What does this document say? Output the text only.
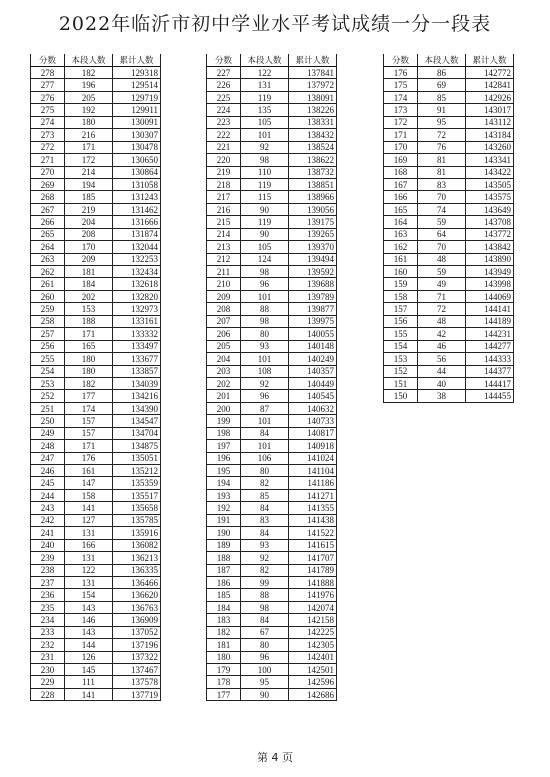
2022年临沂市初中学业水平考试成绩一分一段表
分数	本段人数	累计人数
278	182	129318
277	196	129514
276	205	129719
275	192	129911
274	180	130091
273	216	130307
272	171	130478
271	172	130650
270	214	130864
269	194	131058
268	185	131243
267	219	131462
266	204	131666
265	208	131874
264	170	132044
263	209	132253
262	181	132434
261	184	132618
260	202	132820
259	153	132973
258	188	133161
257	171	133332
256	165	133497
255	180	133677
254	180	133857
253	182	134039
252	177	134216
251	174	134390
250	157	134547
249	157	134704
248	171	134875
247	176	135051
246	161	135212
245	147	135359
244	158	135517
243	141	135658
242	127	135785
241	131	135916
240	166	136082
239	131	136213
238	122	136335
237	131	136466
236	154	136620
235	143	136763
234	146	136909
233	143	137052
232	144	137196
231	126	137322
230	145	137467
229	111	137578
228	141	137719
分数	本段人数	累计人数
227	122	137841
226	131	137972
225	119	138091
224	135	138226
223	105	138331
222	101	138432
221	92	138524
220	98	138622
219	110	138732
218	119	138851
217	115	138966
216	90	139056
215	119	139175
214	90	139265
213	105	139370
212	124	139494
211	98	139592
210	96	139688
209	101	139789
208	88	139877
207	98	139975
206	80	140055
205	93	140148
204	101	140249
203	108	140357
202	92	140449
201	96	140545
200	87	140632
199	101	140733
198	84	140817
197	101	140918
196	106	141024
195	80	141104
194	82	141186
193	85	141271
192	84	141355
191	83	141438
190	84	141522
189	93	141615
188	92	141707
187	82	141789
186	99	141888
185	88	141976
184	98	142074
183	84	142158
182	67	142225
181	80	142305
180	96	142401
179	100	142501
178	95	142596
177	90	142686
分数	本段人数	累计人数
176	86	142772
175	69	142841
174	85	142926
173	91	143017
172	95	143112
171	72	143184
170	76	143260
169	81	143341
168	81	143422
167	83	143505
166	70	143575
165	74	143649
164	59	143708
163	64	143772
162	70	143842
161	48	143890
160	59	143949
159	49	143998
158	71	144069
157	72	144141
156	48	144189
155	42	144231
154	46	144277
153	56	144333
152	44	144377
151	40	144417
150	38	144455
第 4 页
